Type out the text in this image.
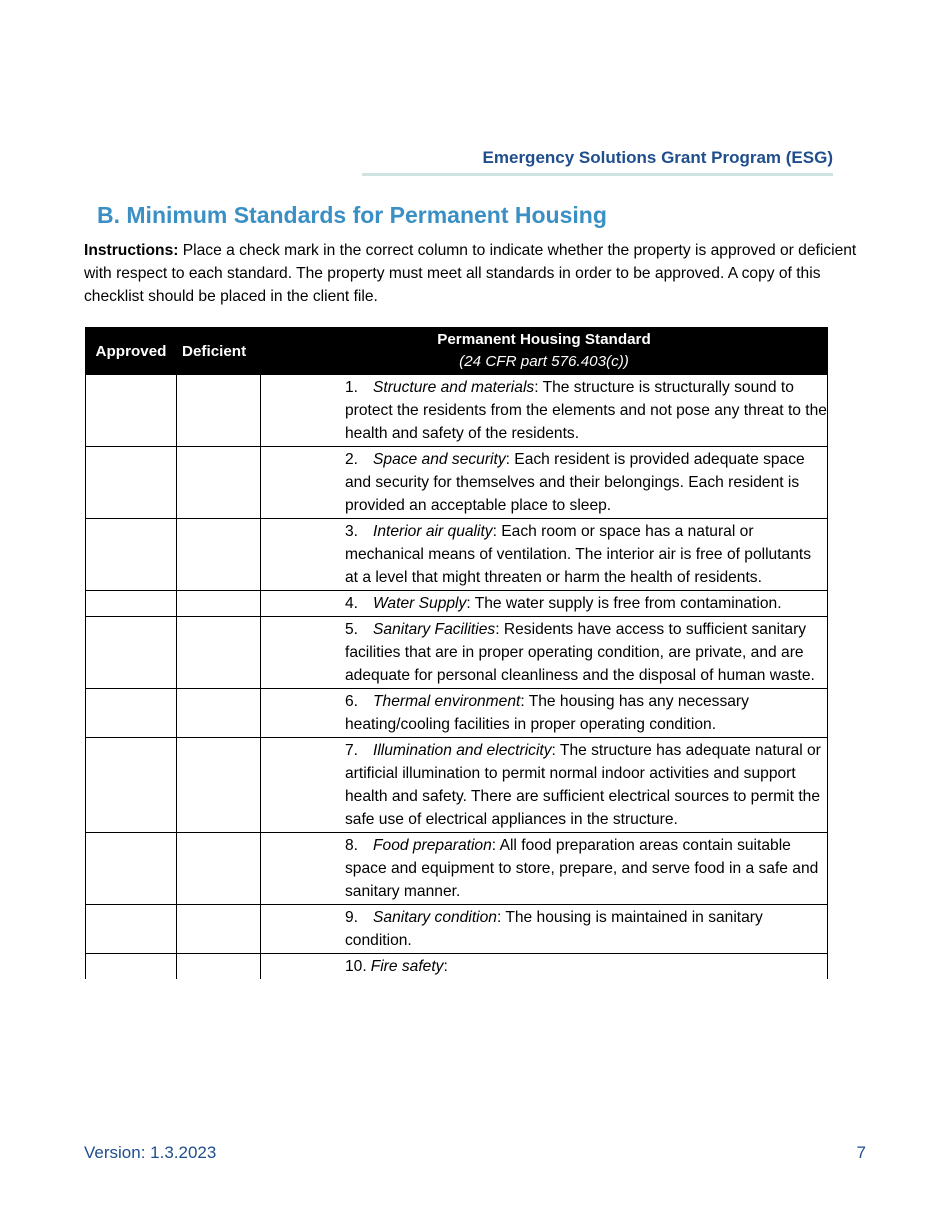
Emergency Solutions Grant Program (ESG)
B. Minimum Standards for Permanent Housing

Instructions: Place a check mark in the correct column to indicate whether the property is approved or deficient with respect to each standard. The property must meet all standards in order to be approved. A copy of this checklist should be placed in the client file.

Approved	Deficient	Permanent Housing Standard
(24 CFR part 576.403(c))

		1. Structure and materials: The structure is structurally sound to protect the residents from the elements and not pose any threat to the health and safety of the residents.
		2. Space and security: Each resident is provided adequate space and security for themselves and their belongings. Each resident is provided an acceptable place to sleep.
		3. Interior air quality: Each room or space has a natural or mechanical means of ventilation. The interior air is free of pollutants at a level that might threaten or harm the health of residents.
		4. Water Supply: The water supply is free from contamination.
		5. Sanitary Facilities: Residents have access to sufficient sanitary facilities that are in proper operating condition, are private, and are adequate for personal cleanliness and the disposal of human waste.
		6. Thermal environment: The housing has any necessary heating/cooling facilities in proper operating condition.
		7. Illumination and electricity: The structure has adequate natural or artificial illumination to permit normal indoor activities and support health and safety. There are sufficient electrical sources to permit the safe use of electrical appliances in the structure.
		8. Food preparation: All food preparation areas contain suitable space and equipment to store, prepare, and serve food in a safe and sanitary manner.
		9. Sanitary condition: The housing is maintained in sanitary condition.
		10. Fire safety:
Version: 1.3.2023	7
